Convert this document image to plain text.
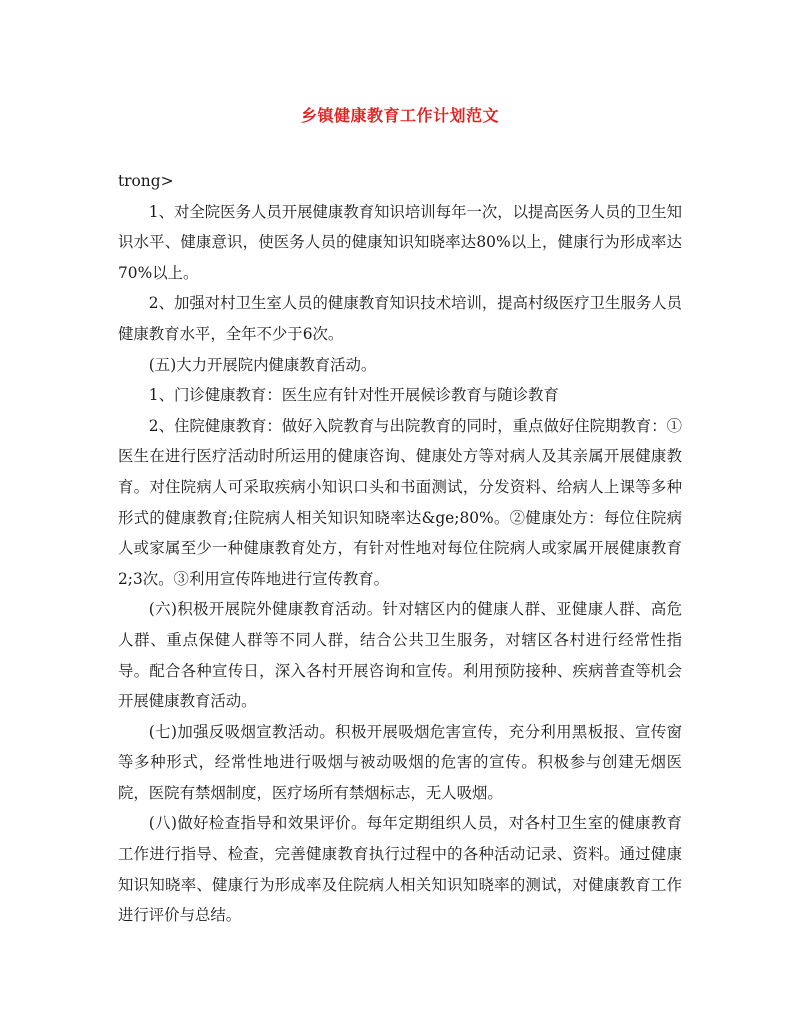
乡镇健康教育工作计划范文

trong>

1、对全院医务人员开展健康教育知识培训每年一次，以提高医务人员的卫生知识水平、健康意识，使医务人员的健康知识知晓率达80%以上，健康行为形成率达70%以上。

2、加强对村卫生室人员的健康教育知识技术培训，提高村级医疗卫生服务人员健康教育水平，全年不少于6次。

(五)大力开展院内健康教育活动。

1、门诊健康教育：医生应有针对性开展候诊教育与随诊教育

2、住院健康教育：做好入院教育与出院教育的同时，重点做好住院期教育：①医生在进行医疗活动时所运用的健康咨询、健康处方等对病人及其亲属开展健康教育。对住院病人可采取疾病小知识口头和书面测试，分发资料、给病人上课等多种形式的健康教育;住院病人相关知识知晓率达&ge;80%。②健康处方：每位住院病人或家属至少一种健康教育处方，有针对性地对每位住院病人或家属开展健康教育2;3次。③利用宣传阵地进行宣传教育。

(六)积极开展院外健康教育活动。针对辖区内的健康人群、亚健康人群、高危人群、重点保健人群等不同人群，结合公共卫生服务，对辖区各村进行经常性指导。配合各种宣传日，深入各村开展咨询和宣传。利用预防接种、疾病普查等机会开展健康教育活动。

(七)加强反吸烟宣教活动。积极开展吸烟危害宣传，充分利用黑板报、宣传窗等多种形式，经常性地进行吸烟与被动吸烟的危害的宣传。积极参与创建无烟医院，医院有禁烟制度，医疗场所有禁烟标志，无人吸烟。

(八)做好检查指导和效果评价。每年定期组织人员，对各村卫生室的健康教育工作进行指导、检查，完善健康教育执行过程中的各种活动记录、资料。通过健康知识知晓率、健康行为形成率及住院病人相关知识知晓率的测试，对健康教育工作进行评价与总结。
